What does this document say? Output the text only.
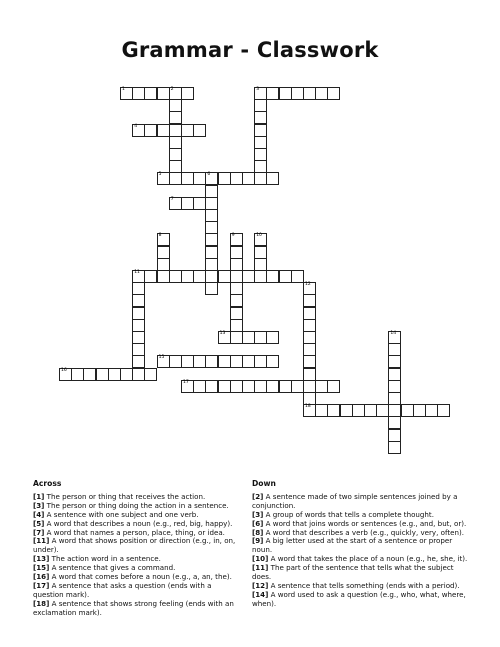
Grammar - Classwork
1	2	3
4
5	6
7
8	9	10
11
12
18
13	14
15
16
17
Across

[1] The person or thing that receives the action.

[3] The person or thing doing the action in a sentence.

[4] A sentence with one subject and one verb.

[5] A word that describes a noun (e.g., red, big, happy).

[7] A word that names a person, place, thing, or idea.

[11] A word that shows position or direction (e.g., in, on, under).

[13] The action word in a sentence.

[15] A sentence that gives a command.

[16] A word that comes before a noun (e.g., a, an, the).

[17] A sentence that asks a question (ends with a question mark).

[18] A sentence that shows strong feeling (ends with an exclamation mark).

Down

[2] A sentence made of two simple sentences joined by a conjunction.

[3] A group of words that tells a complete thought.

[6] A word that joins words or sentences (e.g., and, but, or).

[8] A word that describes a verb (e.g., quickly, very, often).

[9] A big letter used at the start of a sentence or proper noun.

[10] A word that takes the place of a noun (e.g., he, she, it).

[11] The part of the sentence that tells what the subject does.

[12] A sentence that tells something (ends with a period).

[14] A word used to ask a question (e.g., who, what, where, when).
